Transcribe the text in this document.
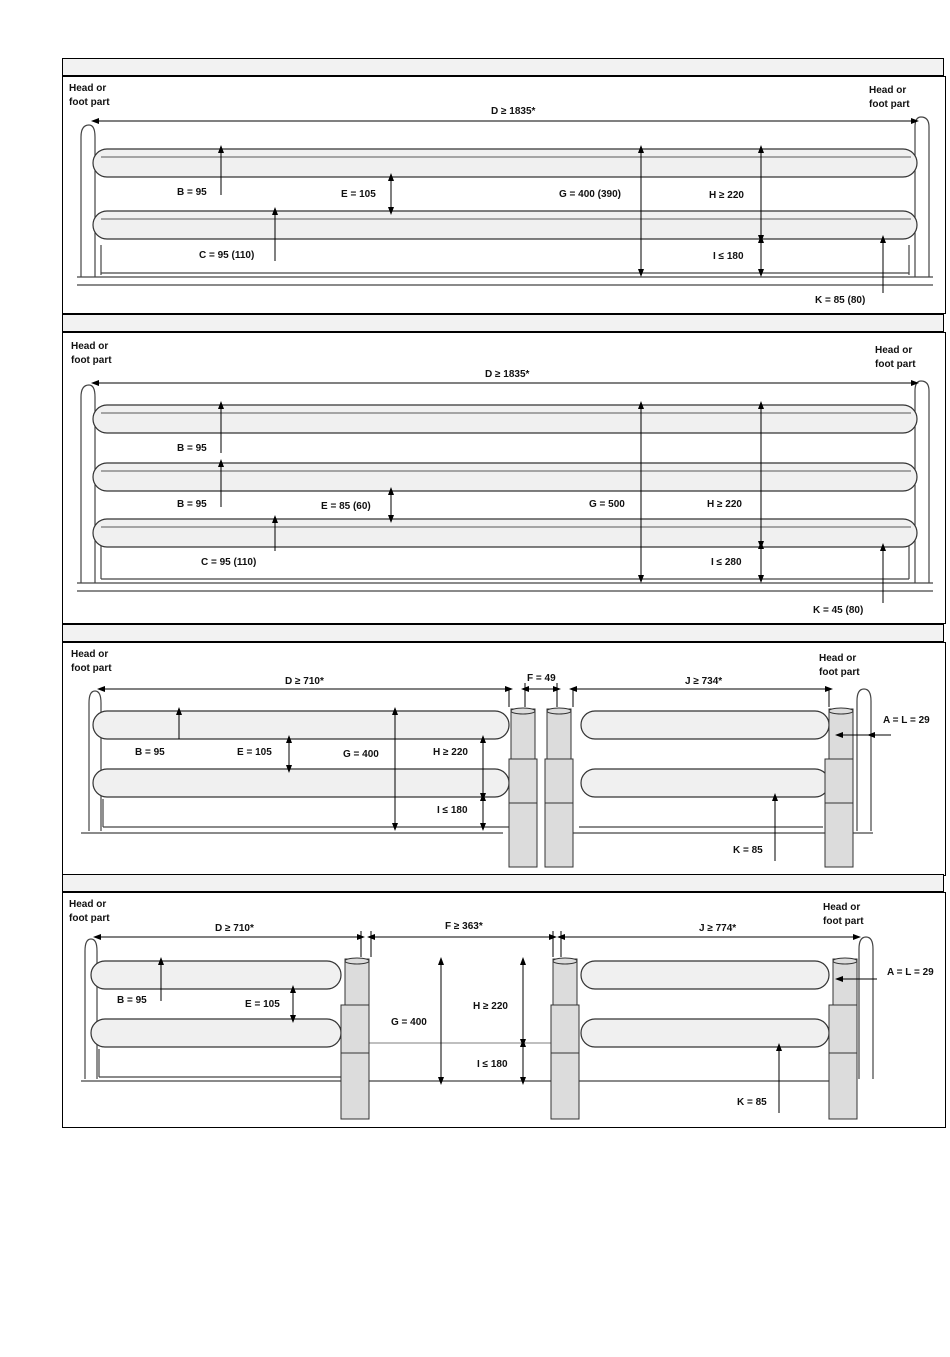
Head or
foot part
Head or
foot part
D ≥ 1835*
B = 95	E = 105	G = 400 (390)	H ≥ 220
C = 95 (110)	I ≤ 180
K = 85 (80)
Head or
foot part
Head or
foot part
D ≥ 1835*
B = 95
B = 95	E = 85 (60)	G = 500	H ≥ 220
C = 95 (110)	I ≤ 280
K = 45 (80)
Head or
foot part
Head or
foot part
D ≥ 710*	F = 49	J ≥ 734*
A = L = 29
B = 95	E = 105	G = 400	H ≥ 220
I ≤ 180
K = 85
Head or
foot part
Head or
foot part
D ≥ 710*	F ≥ 363*	J ≥ 774*
A = L = 29
B = 95	E = 105
G = 400
H ≥ 220
I ≤ 180
K = 85
